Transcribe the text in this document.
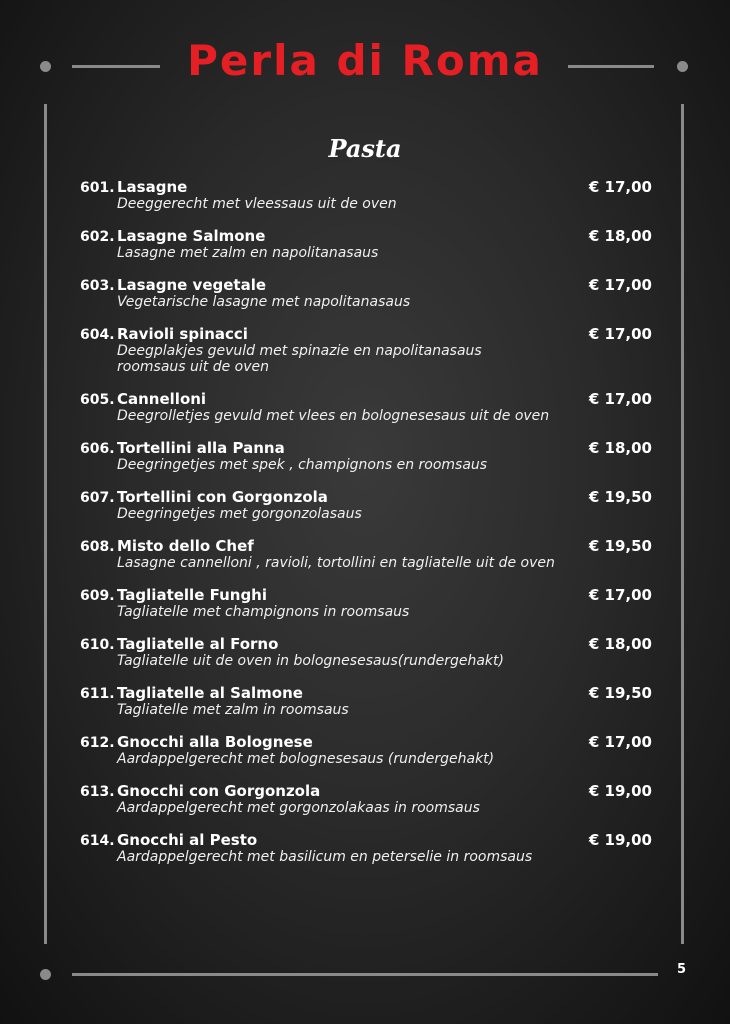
Perla di Roma
Pasta
601. Lasagne	€ 17,00
Deeggerecht met vleessaus uit de oven
602. Lasagne Salmone	€ 18,00
Lasagne met zalm en napolitanasaus
603. Lasagne vegetale	€ 17,00
Vegetarische lasagne met napolitanasaus
604. Ravioli spinacci	€ 17,00
Deegplakjes gevuld met spinazie en napolitanasaus
roomsaus uit de oven
605. Cannelloni	€ 17,00
Deegrolletjes gevuld met vlees en bolognesesaus uit de oven
606. Tortellini alla Panna	€ 18,00
Deegringetjes met spek , champignons en roomsaus
607. Tortellini con Gorgonzola	€ 19,50
Deegringetjes met gorgonzolasaus
608. Misto dello Chef	€ 19,50
Lasagne cannelloni , ravioli, tortollini en tagliatelle uit de oven
609. Tagliatelle Funghi	€ 17,00
Tagliatelle met champignons in roomsaus
610. Tagliatelle al Forno	€ 18,00
Tagliatelle uit de oven in bolognesesaus(rundergehakt)
611. Tagliatelle al Salmone	€ 19,50
Tagliatelle met zalm in roomsaus
612. Gnocchi alla Bolognese	€ 17,00
Aardappelgerecht met bolognesesaus (rundergehakt)
613. Gnocchi con Gorgonzola	€ 19,00
Aardappelgerecht met gorgonzolakaas in roomsaus
614. Gnocchi al Pesto	€ 19,00
Aardappelgerecht met basilicum en peterselie in roomsaus
5
